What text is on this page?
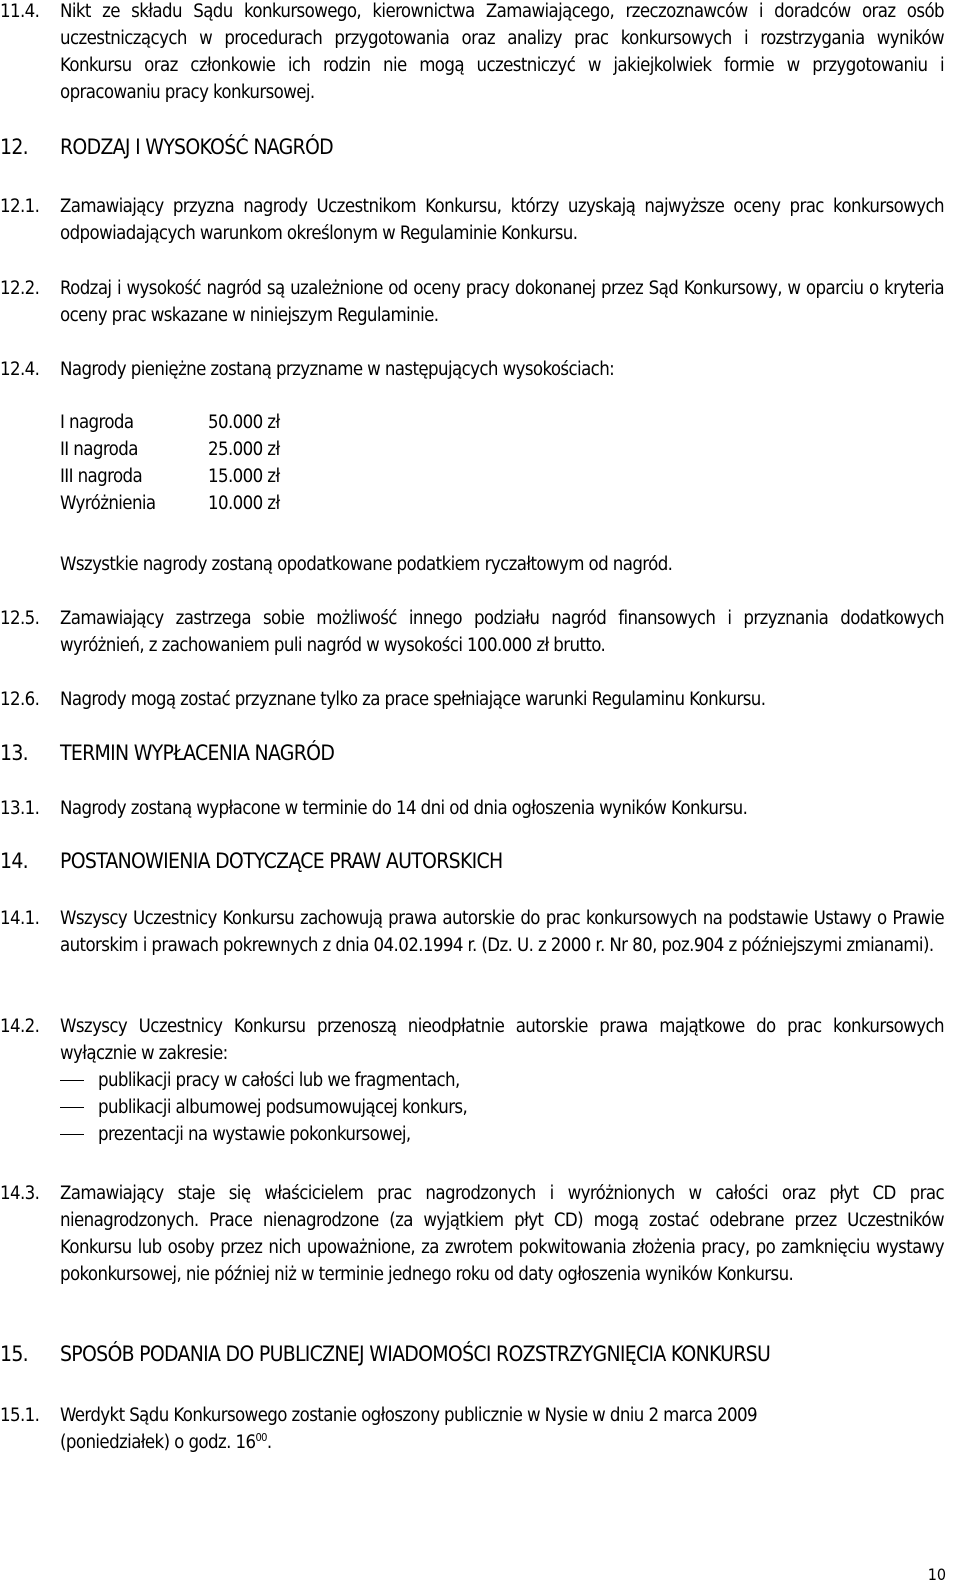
11.4.	Nikt ze składu Sądu konkursowego, kierownictwa Zamawiającego, rzeczoznawców i doradców oraz osób uczestniczących w procedurach przygotowania oraz analizy prac konkursowych i rozstrzygania wyników Konkursu oraz członkowie ich rodzin nie mogą uczestniczyć w jakiejkolwiek formie w przygotowaniu i opracowaniu pracy konkursowej.
12.	RODZAJ I WYSOKOŚĆ NAGRÓD
12.1.	Zamawiający przyzna nagrody Uczestnikom Konkursu, którzy uzyskają najwyższe oceny prac konkursowych odpowiadających warunkom określonym w Regulaminie Konkursu.
12.2.	Rodzaj i wysokość nagród są uzależnione od oceny pracy dokonanej przez Sąd Konkursowy, w oparciu o kryteria oceny prac wskazane w niniejszym Regulaminie.
12.4.	Nagrody pieniężne zostaną przyzname w następujących wysokościach:
I nagroda	50.000 zł
II nagroda	25.000 zł
III nagroda	15.000 zł
Wyróżnienia	10.000 zł
Wszystkie nagrody zostaną opodatkowane podatkiem ryczałtowym od nagród.
12.5.	Zamawiający zastrzega sobie możliwość innego podziału nagród finansowych i przyznania dodatkowych wyróżnień, z zachowaniem puli nagród w wysokości 100.000 zł brutto.
12.6.	Nagrody mogą zostać przyznane tylko za prace spełniające warunki Regulaminu Konkursu.
13.	TERMIN WYPŁACENIA NAGRÓD
13.1.	Nagrody zostaną wypłacone w terminie do 14 dni od dnia ogłoszenia wyników Konkursu.
14.	POSTANOWIENIA DOTYCZĄCE PRAW AUTORSKICH
14.1.	Wszyscy Uczestnicy Konkursu zachowują prawa autorskie do prac konkursowych na podstawie Ustawy o Prawie autorskim i prawach pokrewnych z dnia 04.02.1994 r. (Dz. U. z 2000 r. Nr 80, poz.904 z późniejszymi zmianami).
14.2.	Wszyscy Uczestnicy Konkursu przenoszą nieodpłatnie autorskie prawa majątkowe do prac konkursowych wyłącznie w zakresie:
publikacji pracy w całości lub we fragmentach,
publikacji albumowej podsumowującej konkurs,
prezentacji na wystawie pokonkursowej,
14.3.	Zamawiający staje się właścicielem prac nagrodzonych i wyróżnionych w całości oraz płyt CD prac nienagrodzonych. Prace nienagrodzone (za wyjątkiem płyt CD) mogą zostać odebrane przez Uczestników Konkursu lub osoby przez nich upoważnione, za zwrotem pokwitowania złożenia pracy, po zamknięciu wystawy pokonkursowej, nie później niż w terminie jednego roku od daty ogłoszenia wyników Konkursu.
15.	SPOSÓB PODANIA DO PUBLICZNEJ WIADOMOŚCI ROZSTRZYGNIĘCIA KONKURSU
15.1.	Werdykt Sądu Konkursowego zostanie ogłoszony publicznie w Nysie w dniu 2 marca 2009
(poniedziałek) o godz. $16^{00}$.
10
